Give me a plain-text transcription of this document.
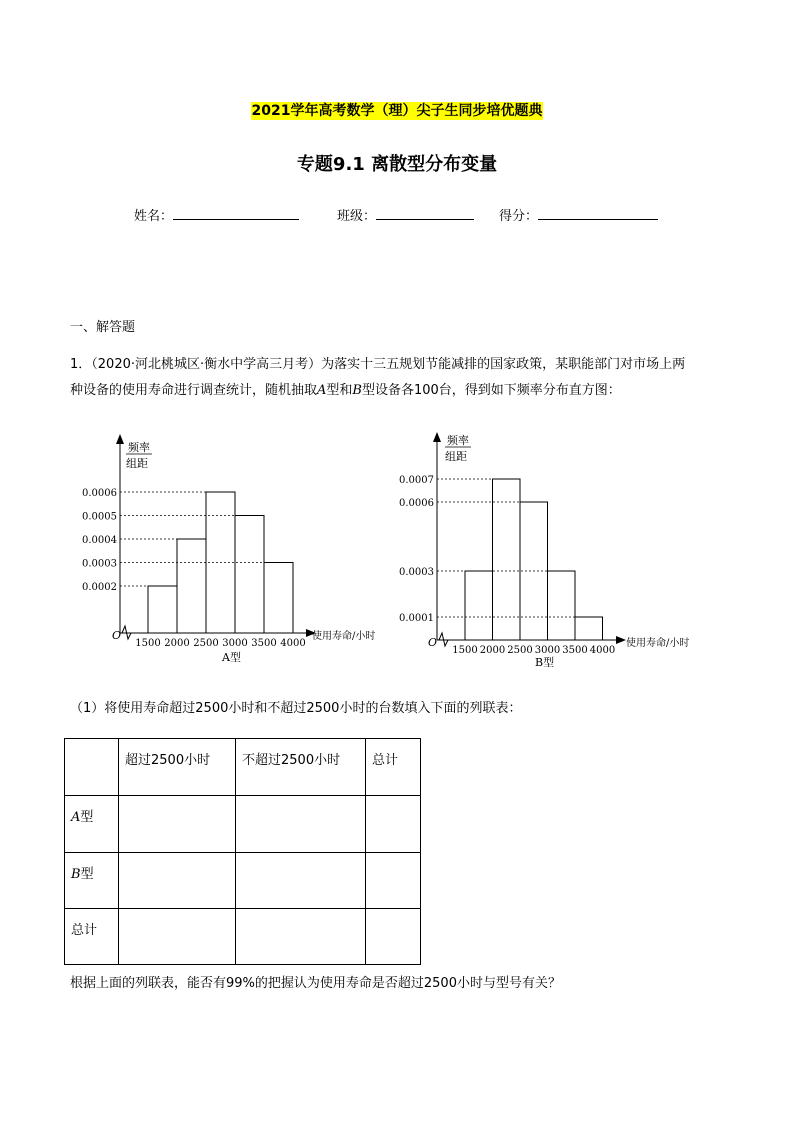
2021学年高考数学（理）尖子生同步培优题典
专题9.1 离散型分布变量
姓名：	班级：	得分：
一、解答题
1．（2020·河北桃城区·衡水中学高三月考）为落实十三五规划节能减排的国家政策，某职能部门对市场上两
种设备的使用寿命进行调查统计，随机抽取A型和B型设备各100台，得到如下频率分布直方图：
频率
组距
O	使用寿命/小时
A型
0.0002
0.0003
0.0004
0.0005
0.0006
1500 2000 2500 3000 3500 4000
频率
组距
O	使用寿命/小时
B型
0.0001
0.0003
0.0006
0.0007
1500 2000 2500 3000 3500 4000
（1）将使用寿命超过2500小时和不超过2500小时的台数填入下面的列联表：
	超过2500小时	不超过2500小时	总计
A型			
B型			
总计			
根据上面的列联表，能否有99%的把握认为使用寿命是否超过2500小时与型号有关？
